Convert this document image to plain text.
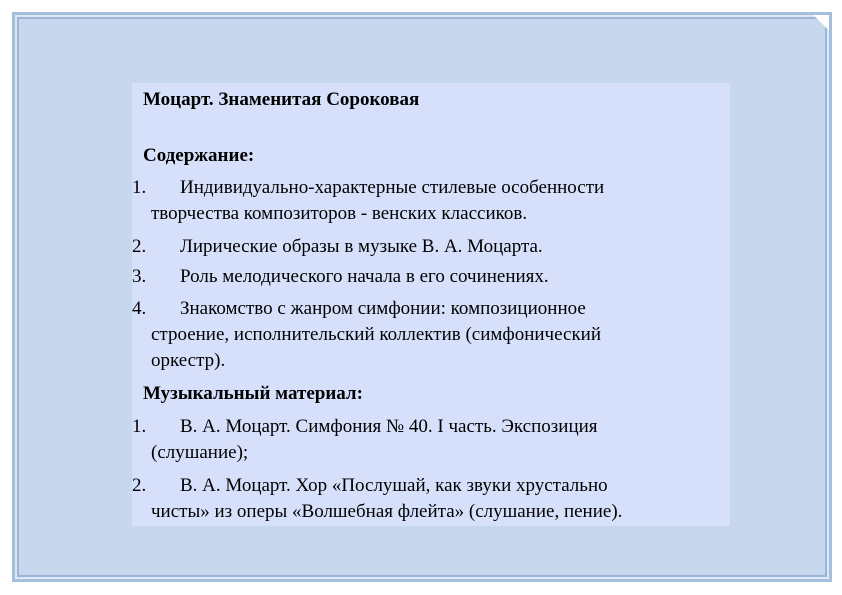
Моцарт. Знаменитая Сороковая
Содержание:
1. Индивидуально-характерные стилевые особенности
творчества композиторов - венских классиков.
2. Лирические образы в музыке В. А. Моцарта.
3. Роль мелодического начала в его сочинениях.
4. Знакомство с жанром симфонии: композиционное
строение, исполнительский коллектив (симфонический
оркестр).
Музыкальный материал:
1. В. А. Моцарт. Симфония № 40. I часть. Экспозиция
(слушание);
2. В. А. Моцарт. Хор «Послушай, как звуки хрустально
чисты» из оперы «Волшебная флейта» (слушание, пение).
